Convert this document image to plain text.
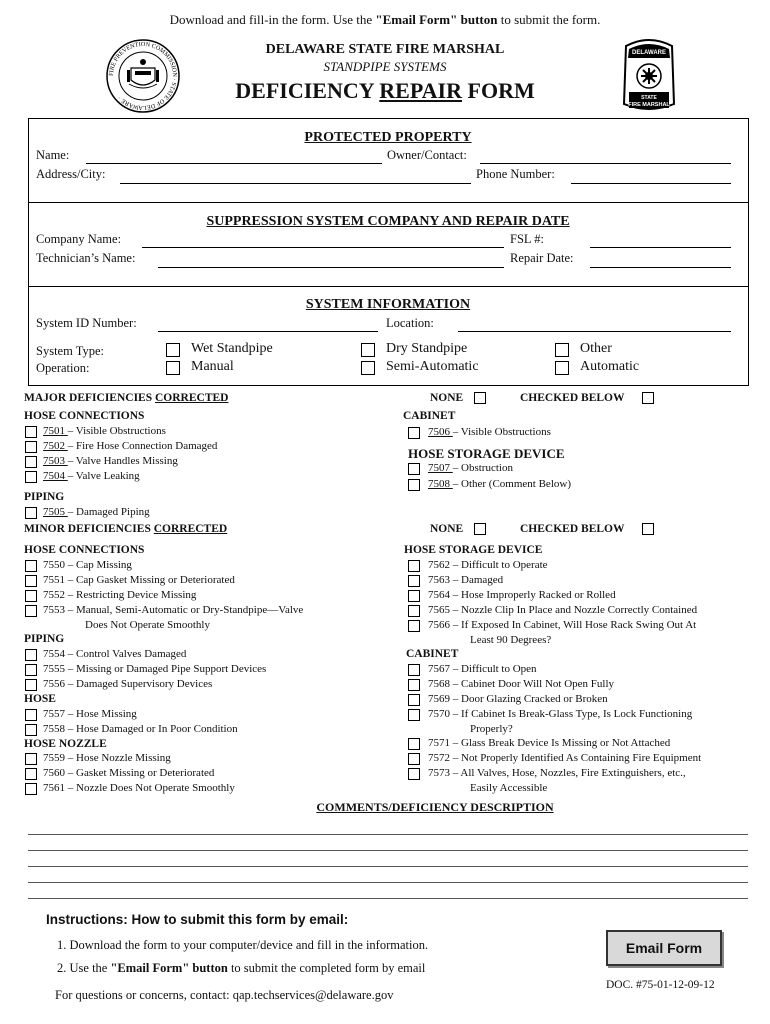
Download and fill-in the form. Use the "Email Form" button to submit the form.
FIRE PREVENTION COMMISSION · STATE OF DELAWARE ·
DELAWARE
STATE
FIRE MARSHAL
DELAWARE STATE FIRE MARSHAL
STANDPIPE SYSTEMS
DEFICIENCY REPAIR FORM
PROTECTED PROPERTY
Name:	Owner/Contact:
Address/City:	Phone Number:
SUPPRESSION SYSTEM COMPANY AND REPAIR DATE
Company Name:	FSL #:
Technician’s Name:	Repair Date:
SYSTEM INFORMATION
System ID Number:	Location:
System Type:
Operation:
Wet Standpipe	Dry Standpipe	Other
Manual	Semi-Automatic	Automatic
MAJOR DEFICIENCIES CORRECTED	NONE	CHECKED BELOW
HOSE CONNECTIONS
7501 – Visible Obstructions
7502 – Fire Hose Connection Damaged
7503 – Valve Handles Missing
7504 – Valve Leaking
PIPING
7505 – Damaged Piping
CABINET
7506 – Visible Obstructions
HOSE STORAGE DEVICE
7507 – Obstruction
7508 – Other (Comment Below)
MINOR DEFICIENCIES CORRECTED	NONE	CHECKED BELOW
HOSE CONNECTIONS
7550 – Cap Missing
7551 – Cap Gasket Missing or Deteriorated
7552 – Restricting Device Missing
7553 – Manual, Semi-Automatic or Dry-Standpipe—Valve
Does Not Operate Smoothly
PIPING
7554 – Control Valves Damaged
7555 – Missing or Damaged Pipe Support Devices
7556 – Damaged Supervisory Devices
HOSE
7557 – Hose Missing
7558 – Hose Damaged or In Poor Condition
HOSE NOZZLE
7559 – Hose Nozzle Missing
7560 – Gasket Missing or Deteriorated
7561 – Nozzle Does Not Operate Smoothly
HOSE STORAGE DEVICE
7562 – Difficult to Operate
7563 – Damaged
7564 – Hose Improperly Racked or Rolled
7565 – Nozzle Clip In Place and Nozzle Correctly Contained
7566 – If Exposed In Cabinet, Will Hose Rack Swing Out At
Least 90 Degrees?
CABINET
7567 – Difficult to Open
7568 – Cabinet Door Will Not Open Fully
7569 – Door Glazing Cracked or Broken
7570 – If Cabinet Is Break-Glass Type, Is Lock Functioning
Properly?
7571 – Glass Break Device Is Missing or Not Attached
7572 – Not Properly Identified As Containing Fire Equipment
7573 – All Valves, Hose, Nozzles, Fire Extinguishers, etc.,
Easily Accessible
COMMENTS/DEFICIENCY DESCRIPTION
Instructions: How to submit this form by email:
1. Download the form to your computer/device and fill in the information.
2. Use the "Email Form" button to submit the completed form by email
For questions or concerns, contact: qap.techservices@delaware.gov
Email Form
DOC. #75-01-12-09-12
